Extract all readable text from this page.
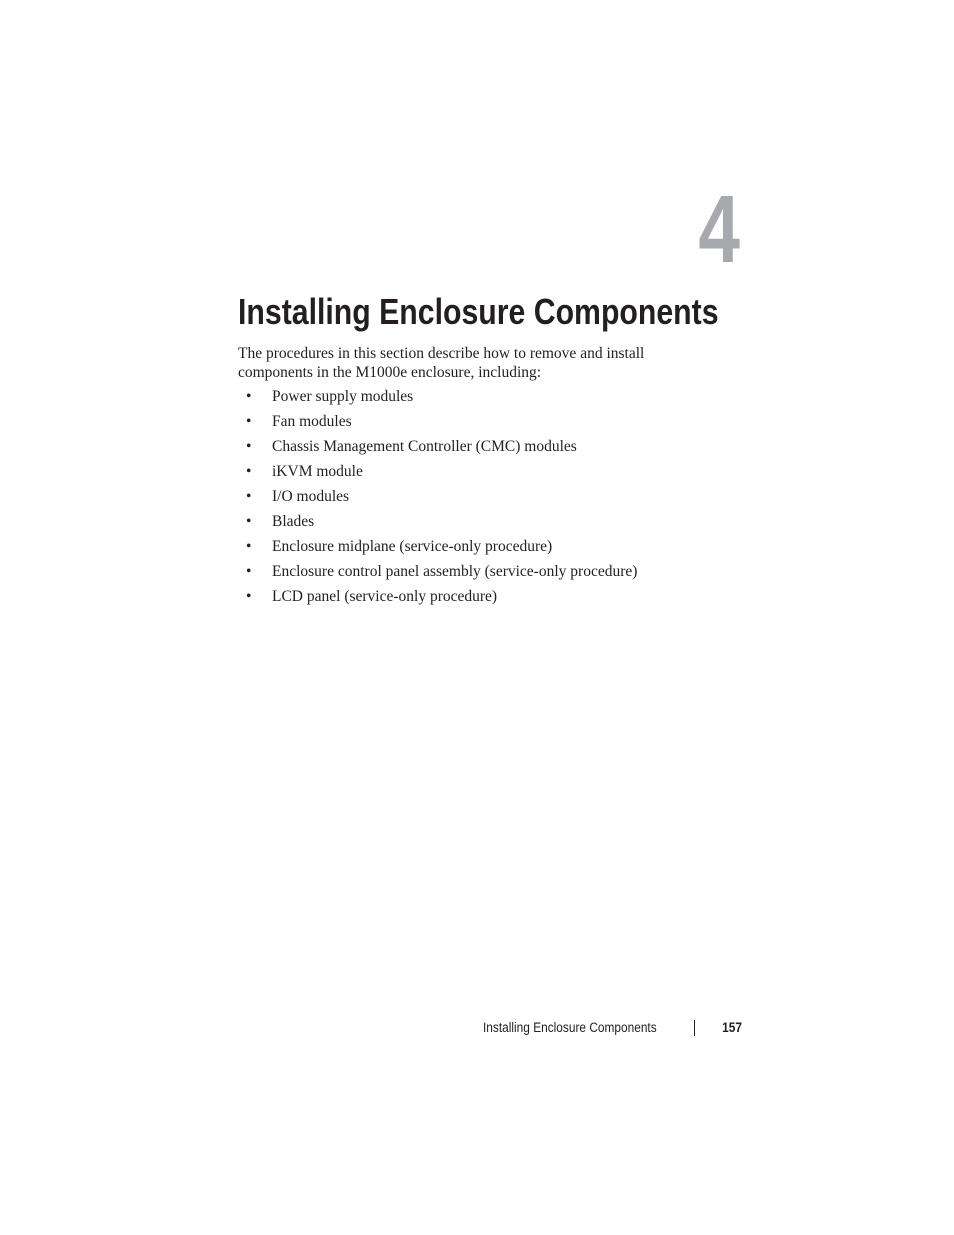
4
Installing Enclosure Components

The procedures in this section describe how to remove and install components in the M1000e enclosure, including:

• Power supply modules
• Fan modules
• Chassis Management Controller (CMC) modules
• iKVM module
• I/O modules
• Blades
• Enclosure midplane (service-only procedure)
• Enclosure control panel assembly (service-only procedure)
• LCD panel (service-only procedure)
Installing Enclosure Components	157
